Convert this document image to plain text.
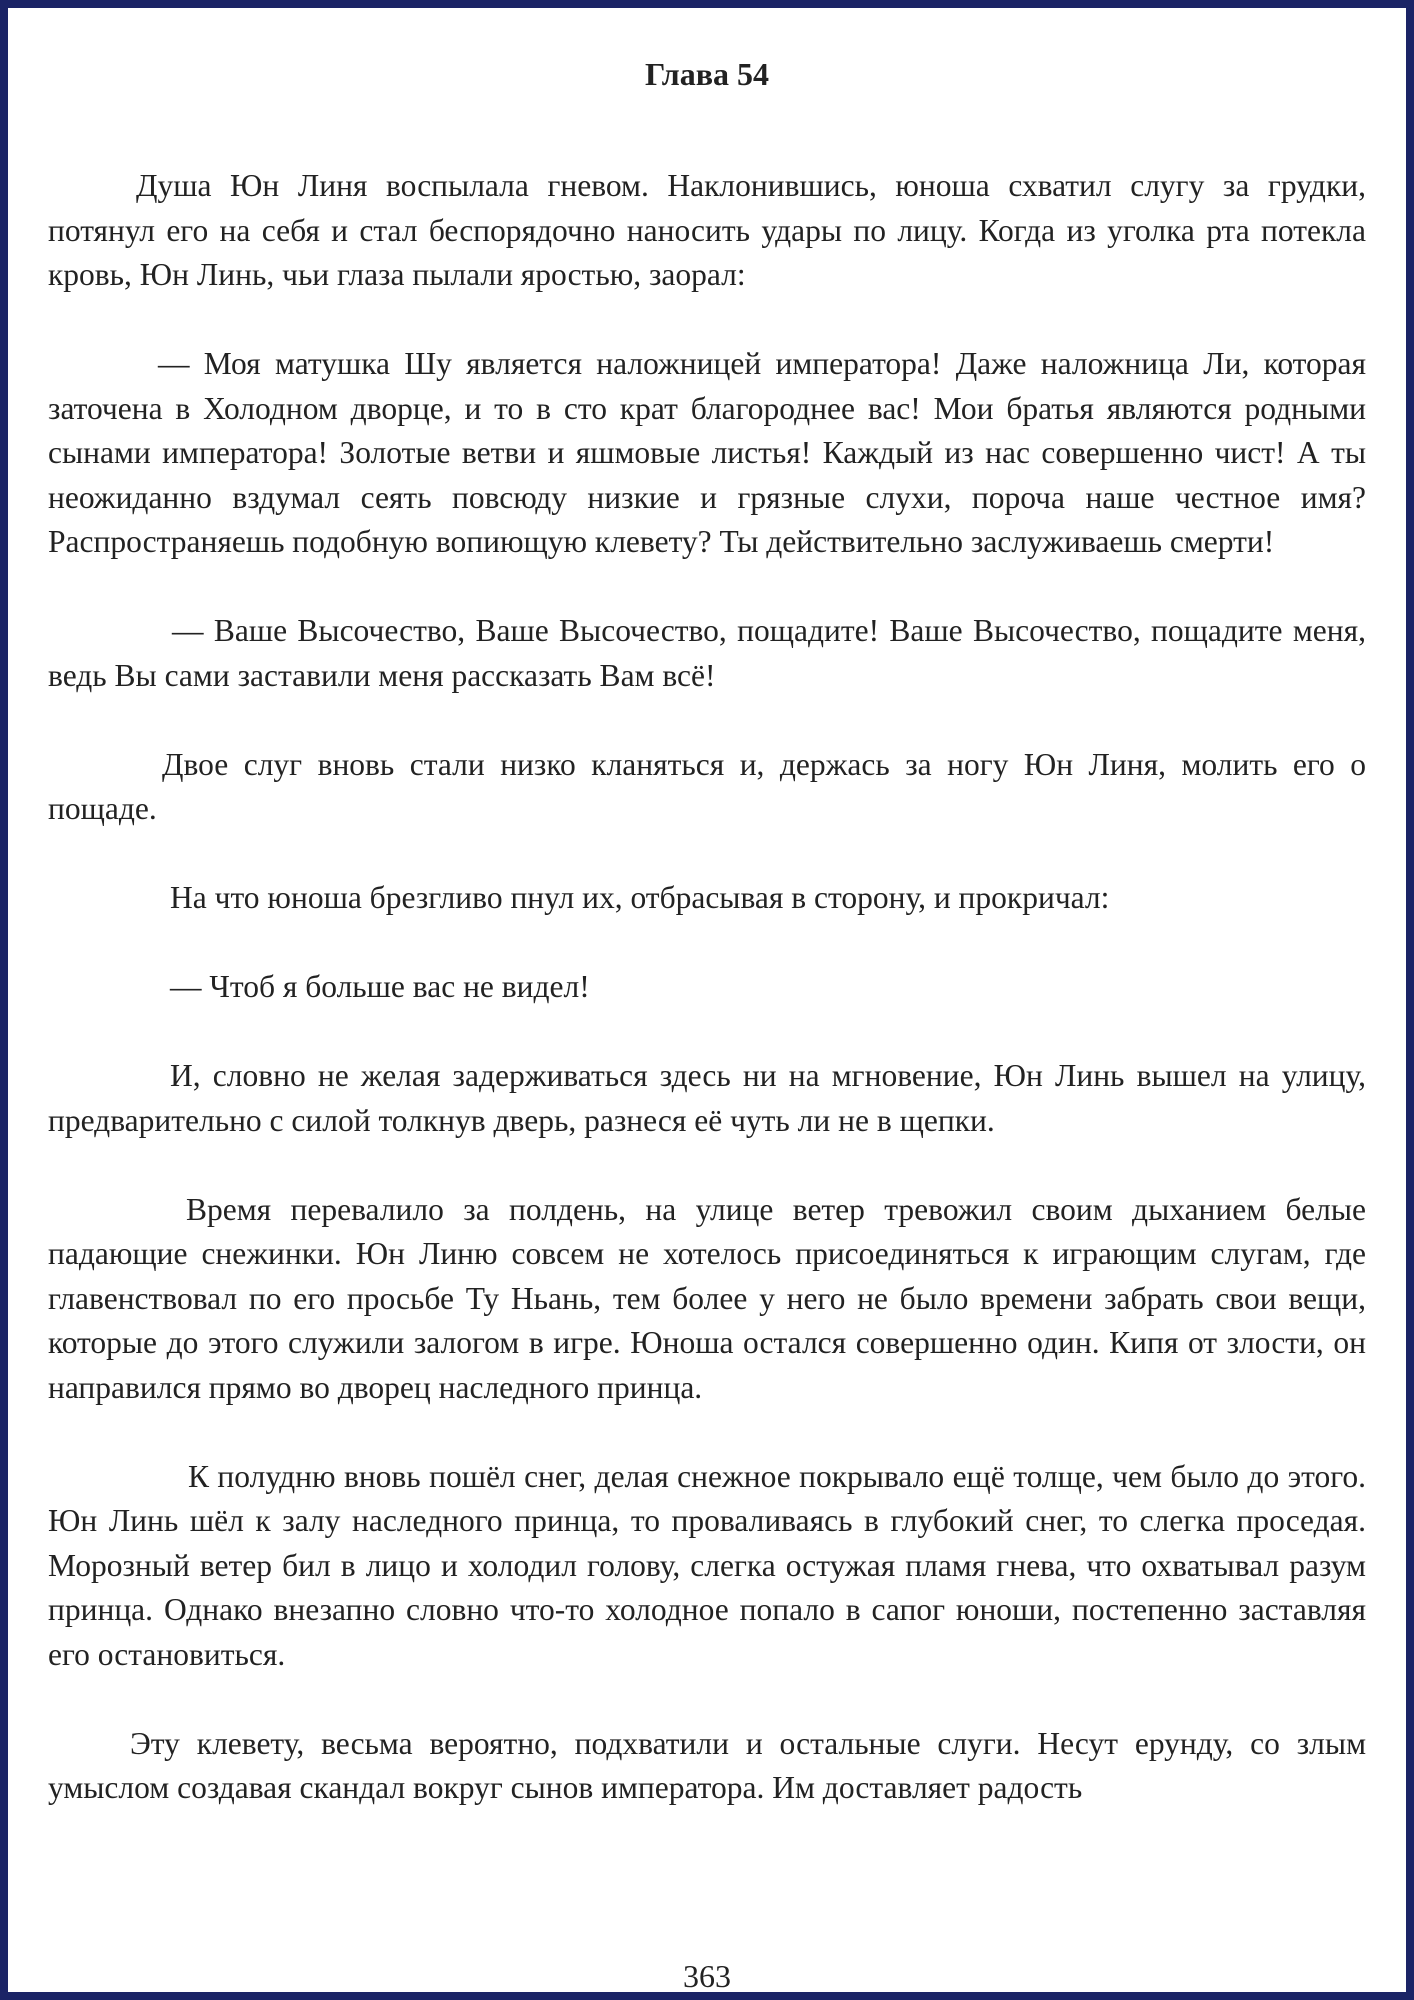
Глава 54

Душа Юн Линя воспылала гневом. Наклонившись, юноша схватил слугу за грудки, потянул его на себя и стал беспорядочно наносить удары по лицу. Когда из уголка рта потекла кровь, Юн Линь, чьи глаза пылали яростью, заорал:

— Моя матушка Шу является наложницей императора! Даже наложница Ли, которая заточена в Холодном дворце, и то в сто крат благороднее вас! Мои братья являются родными сынами императора! Золотые ветви и яшмовые листья! Каждый из нас совершенно чист! А ты неожиданно вздумал сеять повсюду низкие и грязные слухи, пороча наше честное имя? Распространяешь подобную вопиющую клевету? Ты действительно заслуживаешь смерти!

— Ваше Высочество, Ваше Высочество, пощадите! Ваше Высочество, пощадите меня, ведь Вы сами заставили меня рассказать Вам всё!

Двое слуг вновь стали низко кланяться и, держась за ногу Юн Линя, молить его о пощаде.

На что юноша брезгливо пнул их, отбрасывая в сторону, и прокричал:

— Чтоб я больше вас не видел!

И, словно не желая задерживаться здесь ни на мгновение, Юн Линь вышел на улицу, предварительно с силой толкнув дверь, разнеся её чуть ли не в щепки.

Время перевалило за полдень, на улице ветер тревожил своим дыханием белые падающие снежинки. Юн Линю совсем не хотелось присоединяться к играющим слугам, где главенствовал по его просьбе Ту Ньань, тем более у него не было времени забрать свои вещи, которые до этого служили залогом в игре. Юноша остался совершенно один. Кипя от злости, он направился прямо во дворец наследного принца.

К полудню вновь пошёл снег, делая снежное покрывало ещё толще, чем было до этого. Юн Линь шёл к залу наследного принца, то проваливаясь в глубокий снег, то слегка проседая. Морозный ветер бил в лицо и холодил голову, слегка остужая пламя гнева, что охватывал разум принца. Однако внезапно словно что-то холодное попало в сапог юноши, постепенно заставляя его остановиться.

Эту клевету, весьма вероятно, подхватили и остальные слуги. Несут ерунду, со злым умыслом создавая скандал вокруг сынов императора. Им доставляет радость

363
